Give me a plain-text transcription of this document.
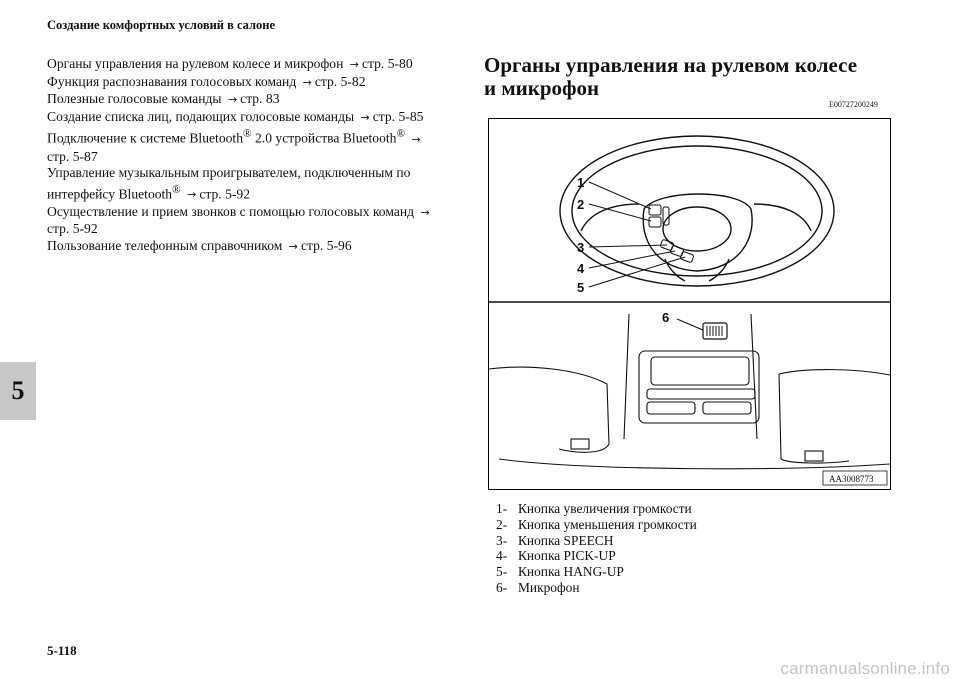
Создание комфортных условий в салоне
5
Органы управления на рулевом колесе и микрофон → стр. 5-80
Функция распознавания голосовых команд → стр. 5-82
Полезные голосовые команды → стр. 83
Создание списка лиц, подающих голосовые команды → стр. 5-85
Подключение к системе Bluetooth® 2.0 устройства Bluetooth® →
стр. 5-87
Управление музыкальным проигрывателем, подключенным по
интерфейсу Bluetooth® → стр. 5-92
Осуществление и прием звонков с помощью голосовых команд →
стр. 5-92
Пользование телефонным справочником → стр. 5-96
Органы управления на рулевом колесе
и микрофон
E00727200249
1
2
3
4
5
6
AA3008773
1- Кнопка увеличения громкости
2- Кнопка уменьшения громкости
3- Кнопка SPEECH
4- Кнопка PICK-UP
5- Кнопка HANG-UP
6- Микрофон
5-118
carmanualsonline.info
